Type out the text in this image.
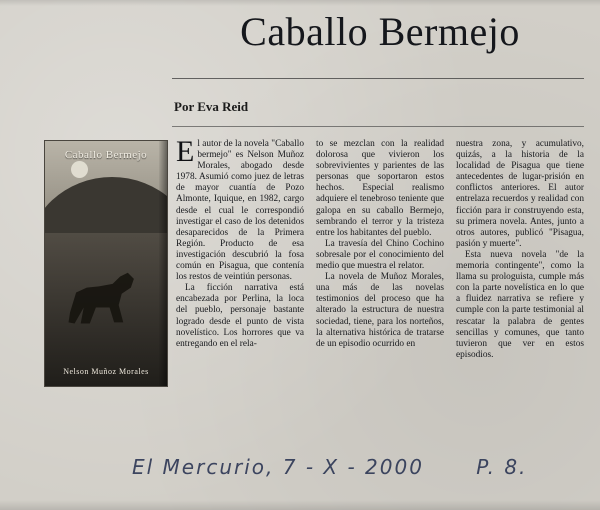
Caballo Bermejo
Por Eva Reid
Caballo Bermejo
Nelson Muñoz Morales

El autor de la novela "Caballo bermejo" es Nelson Muñoz Morales, abogado desde 1978. Asumió como juez de letras de mayor cuantía de Pozo Almonte, Iquique, en 1982, cargo desde el cual le correspondió investigar el caso de los detenidos desaparecidos de la Primera Región. Producto de esa investigación descubrió la fosa común en Pisagua, que contenía los restos de veintiún personas.

La ficción narrativa está encabezada por Perlina, la loca del pueblo, personaje bastante logrado desde el punto de vista novelístico. Los horrores que va entregando en el rela-

to se mezclan con la realidad dolorosa que vivieron los sobrevivientes y parientes de las personas que soportaron estos hechos. Especial realismo adquiere el tenebroso teniente que galopa en su caballo Bermejo, sembrando el terror y la tristeza entre los habitantes del pueblo.

La travesía del Chino Cochino sobresale por el conocimiento del medio que muestra el relator.

La novela de Muñoz Morales, una más de las novelas testimonios del proceso que ha alterado la estructura de nuestra sociedad, tiene, para los norteños, la alternativa histórica de tratarse de un episodio ocurrido en

nuestra zona, y acumulativo, quizás, a la historia de la localidad de Pisagua que tiene antecedentes de lugar-prisión en conflictos anteriores. El autor entrelaza recuerdos y realidad con ficción para ir construyendo esta, su primera novela. Antes, junto a otros autores, publicó "Pisagua, pasión y muerte".

Esta nueva novela "de la memoria contingente", como la llama su prologuista, cumple más con la parte novelística en lo que a fluidez narrativa se refiere y cumple con la parte testimonial al rescatar la palabra de gentes sencillas y comunes, que tanto tuvieron que ver en estos episodios.

El Mercurio, 7 - X - 2000	P. 8.
